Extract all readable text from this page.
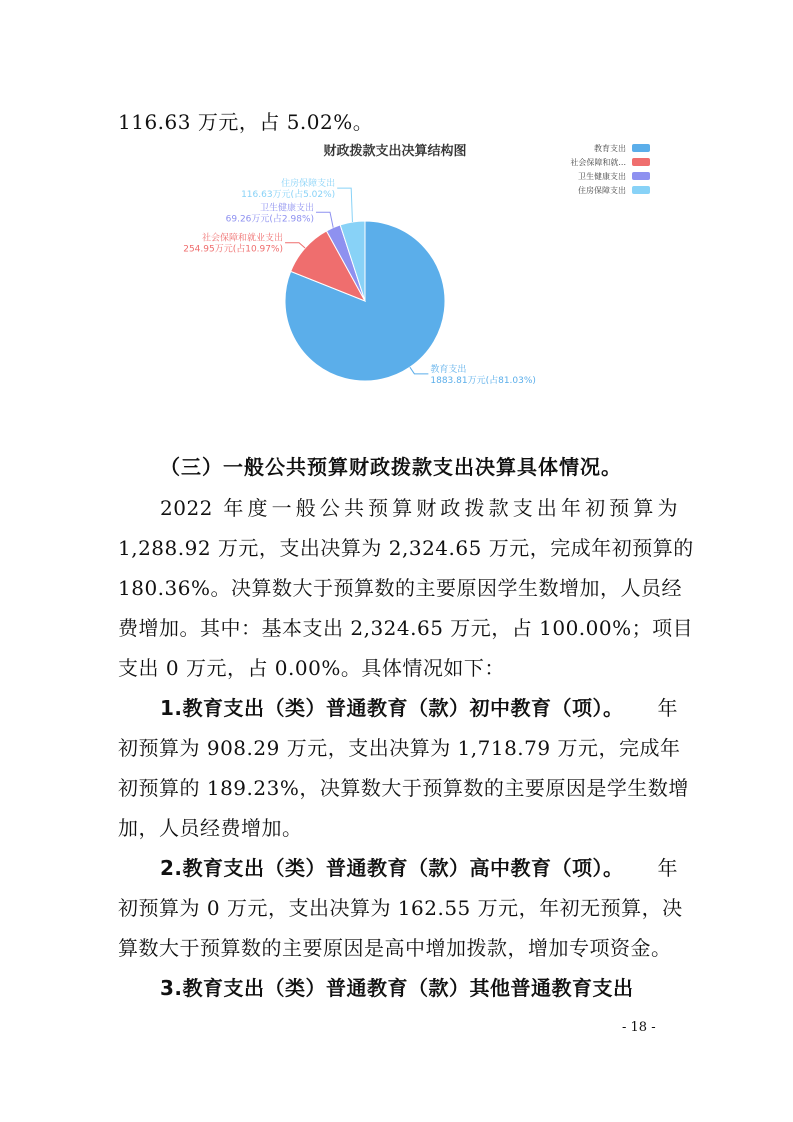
116.63 万元，占 5.02%。
财政拨款支出决算结构图	教育支出
社会保障和就...
卫生健康支出
住房保障支出
教育支出
1883.81万元(占81.03%)
社会保障和就业支出
254.95万元(占10.97%)
卫生健康支出
69.26万元(占2.98%)
住房保障支出
116.63万元(占5.02%)
（三）一般公共预算财政拨款支出决算具体情况。
2022 年度一般公共预算财政拨款支出年初预算为
1,288.92 万元，支出决算为 2,324.65 万元，完成年初预算的
180.36%。决算数大于预算数的主要原因学生数增加，人员经
费增加。其中：基本支出 2,324.65 万元，占 100.00%；项目
支出 0 万元，占 0.00%。具体情况如下：
1.教育支出（类）普通教育（款）初中教育（项）。 年
初预算为 908.29 万元，支出决算为 1,718.79 万元，完成年
初预算的 189.23%，决算数大于预算数的主要原因是学生数增
加，人员经费增加。
2.教育支出（类）普通教育（款）高中教育（项）。 年
初预算为 0 万元，支出决算为 162.55 万元，年初无预算，决
算数大于预算数的主要原因是高中增加拨款，增加专项资金。
3.教育支出（类）普通教育（款）其他普通教育支出
- 18 -
